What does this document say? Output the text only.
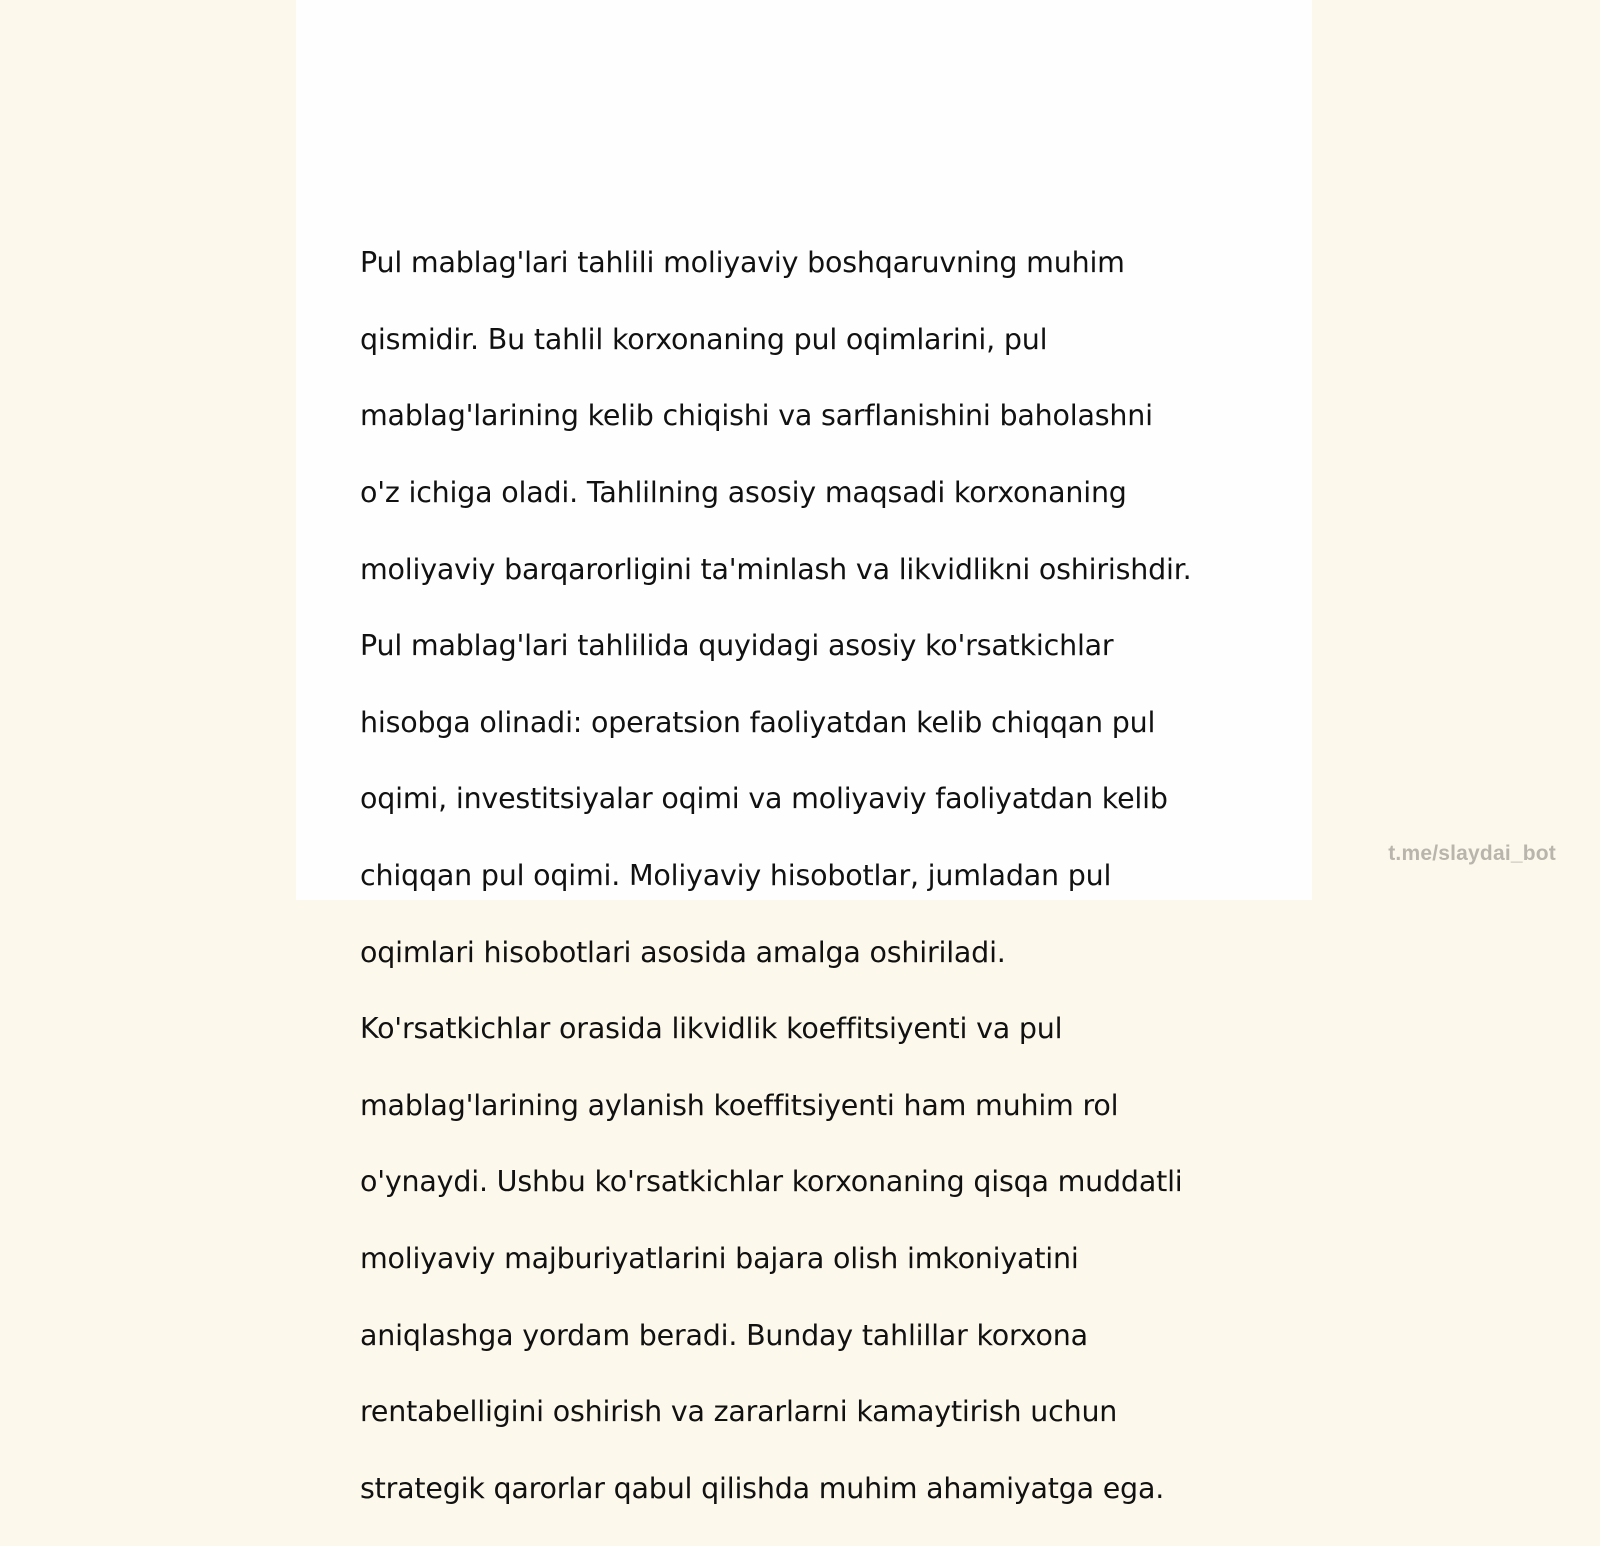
Pul mablag'lari tahlili moliyaviy boshqaruvning muhim

qismidir. Bu tahlil korxonaning pul oqimlarini, pul

mablag'larining kelib chiqishi va sarflanishini baholashni

o'z ichiga oladi. Tahlilning asosiy maqsadi korxonaning

moliyaviy barqarorligini ta'minlash va likvidlikni oshirishdir.

Pul mablag'lari tahlilida quyidagi asosiy ko'rsatkichlar

hisobga olinadi: operatsion faoliyatdan kelib chiqqan pul

oqimi, investitsiyalar oqimi va moliyaviy faoliyatdan kelib

chiqqan pul oqimi. Moliyaviy hisobotlar, jumladan pul

oqimlari hisobotlari asosida amalga oshiriladi.

Ko'rsatkichlar orasida likvidlik koeffitsiyenti va pul

mablag'larining aylanish koeffitsiyenti ham muhim rol

o'ynaydi. Ushbu ko'rsatkichlar korxonaning qisqa muddatli

moliyaviy majburiyatlarini bajara olish imkoniyatini

aniqlashga yordam beradi. Bunday tahlillar korxona

rentabelligini oshirish va zararlarni kamaytirish uchun

strategik qarorlar qabul qilishda muhim ahamiyatga ega.

t.me/slaydai_bot
